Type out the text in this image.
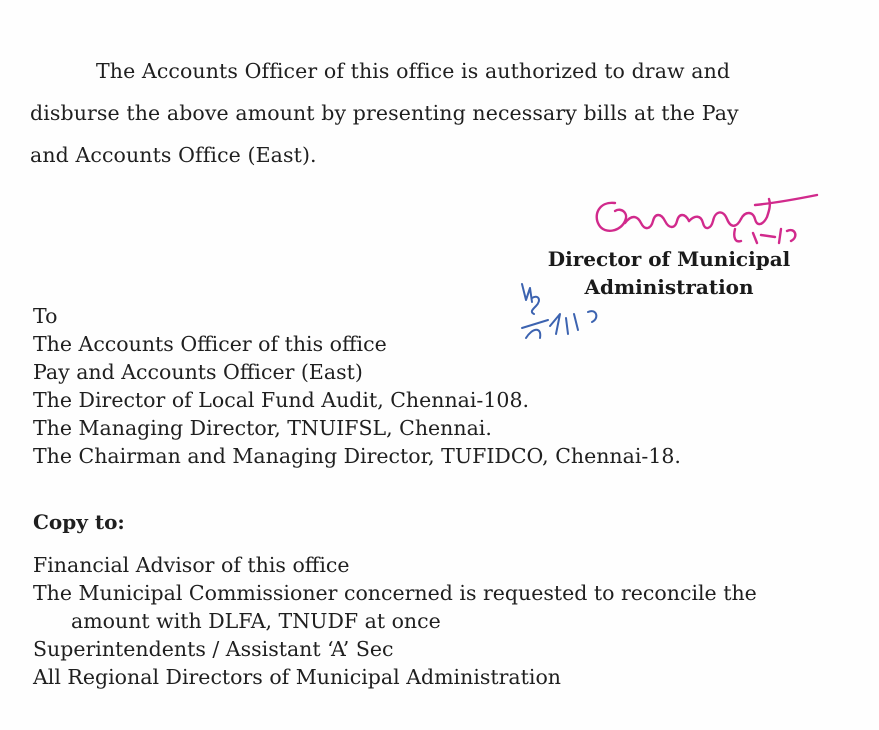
The Accounts Officer of this office is authorized to draw and
disburse the above amount by presenting necessary bills at the Pay
and Accounts Office (East).
Director of Municipal
Administration
To
The Accounts Officer of this office
Pay and Accounts Officer (East)
The Director of Local Fund Audit, Chennai-108.
The Managing Director, TNUIFSL, Chennai.
The Chairman and Managing Director, TUFIDCO, Chennai-18.
Copy to:
Financial Advisor of this office
The Municipal Commissioner concerned is requested to reconcile the
amount with DLFA, TNUDF at once
Superintendents / Assistant ‘A’ Sec
All Regional Directors of Municipal Administration
